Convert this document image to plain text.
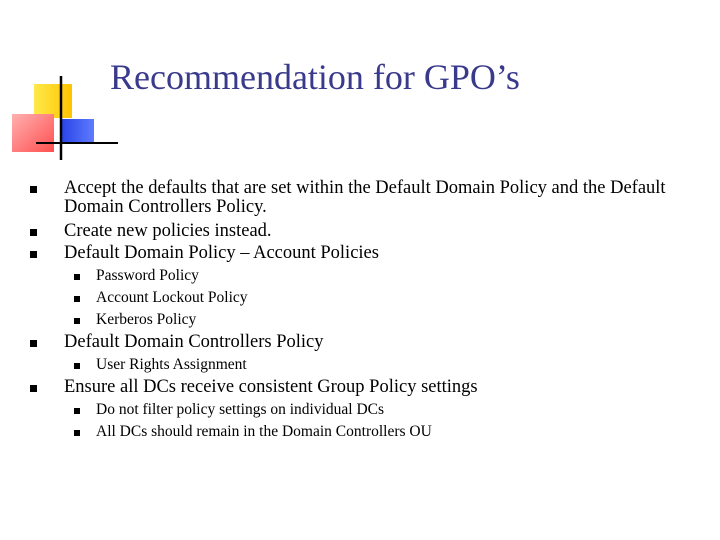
Recommendation for GPO’s

Accept the defaults that are set within the Default Domain Policy and the Default Domain Controllers Policy.

Create new policies instead.

Default Domain Policy – Account Policies

Password Policy

Account Lockout Policy

Kerberos Policy

Default Domain Controllers Policy

User Rights Assignment

Ensure all DCs receive consistent Group Policy settings

Do not filter policy settings on individual DCs

All DCs should remain in the Domain Controllers OU
